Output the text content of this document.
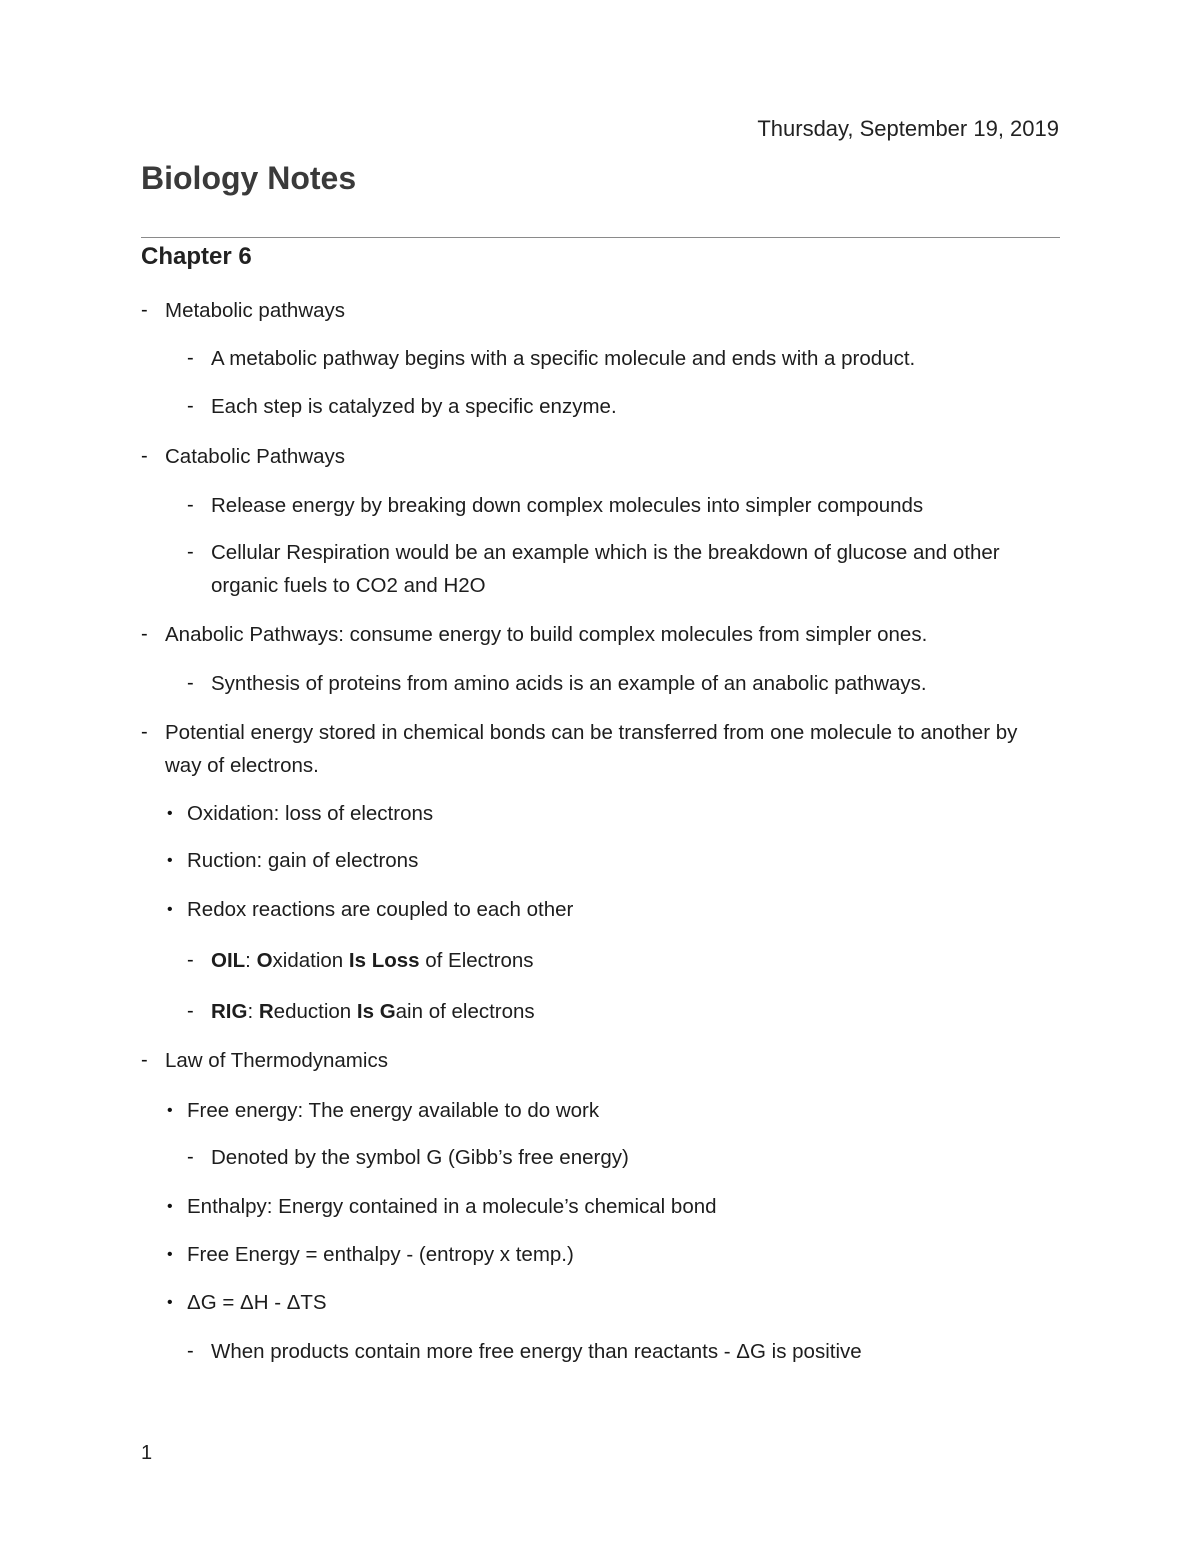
Thursday, September 19, 2019
Biology Notes
Chapter 6
- Metabolic pathways
- A metabolic pathway begins with a specific molecule and ends with a product.
- Each step is catalyzed by a specific enzyme.
- Catabolic Pathways
- Release energy by breaking down complex molecules into simpler compounds
- Cellular Respiration would be an example which is the breakdown of glucose and other organic fuels to CO2 and H2O
- Anabolic Pathways: consume energy to build complex molecules from simpler ones.
- Synthesis of proteins from amino acids is an example of an anabolic pathways.
- Potential energy stored in chemical bonds can be transferred from one molecule to another by way of electrons.
• Oxidation: loss of electrons
• Ruction: gain of electrons
• Redox reactions are coupled to each other
- OIL: Oxidation Is Loss of Electrons
- RIG: Reduction Is Gain of electrons
- Law of Thermodynamics
• Free energy: The energy available to do work
- Denoted by the symbol G (Gibb’s free energy)
• Enthalpy: Energy contained in a molecule’s chemical bond
• Free Energy = enthalpy - (entropy x temp.)
• ΔG = ΔH - ΔTS
- When products contain more free energy than reactants - ΔG is positive
1
